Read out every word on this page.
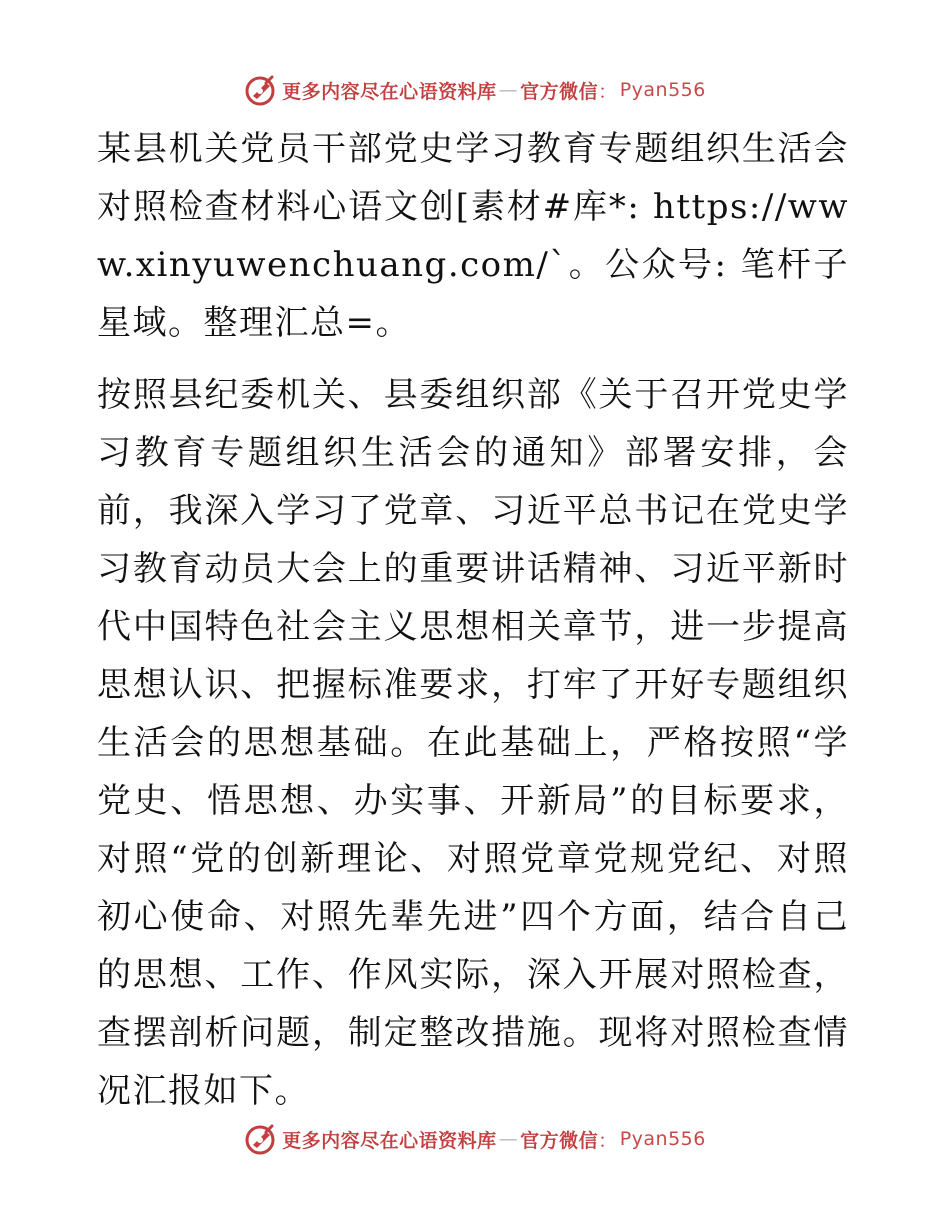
更多内容尽在心语资料库 — 官方微信 ： Pyan556

某县机关党员干部党史学习教育专题组织生活会对照检查材料心语文创[素材#库*: https://www.xinyuwenchuang.com/`。公众号: 笔杆子星域。整理汇总=。

按照县纪委机关、县委组织部《关于召开党史学习教育专题组织生活会的通知》部署安排，会前，我深入学习了党章、习近平总书记在党史学习教育动员大会上的重要讲话精神、习近平新时代中国特色社会主义思想相关章节，进一步提高思想认识、把握标准要求，打牢了开好专题组织生活会的思想基础。在此基础上，严格按照“学党史、悟思想、办实事、开新局”的目标要求，对照“党的创新理论、对照党章党规党纪、对照初心使命、对照先辈先进”四个方面，结合自己的思想、工作、作风实际，深入开展对照检查，查摆剖析问题，制定整改措施。现将对照检查情况汇报如下。

更多内容尽在心语资料库 — 官方微信 ： Pyan556
